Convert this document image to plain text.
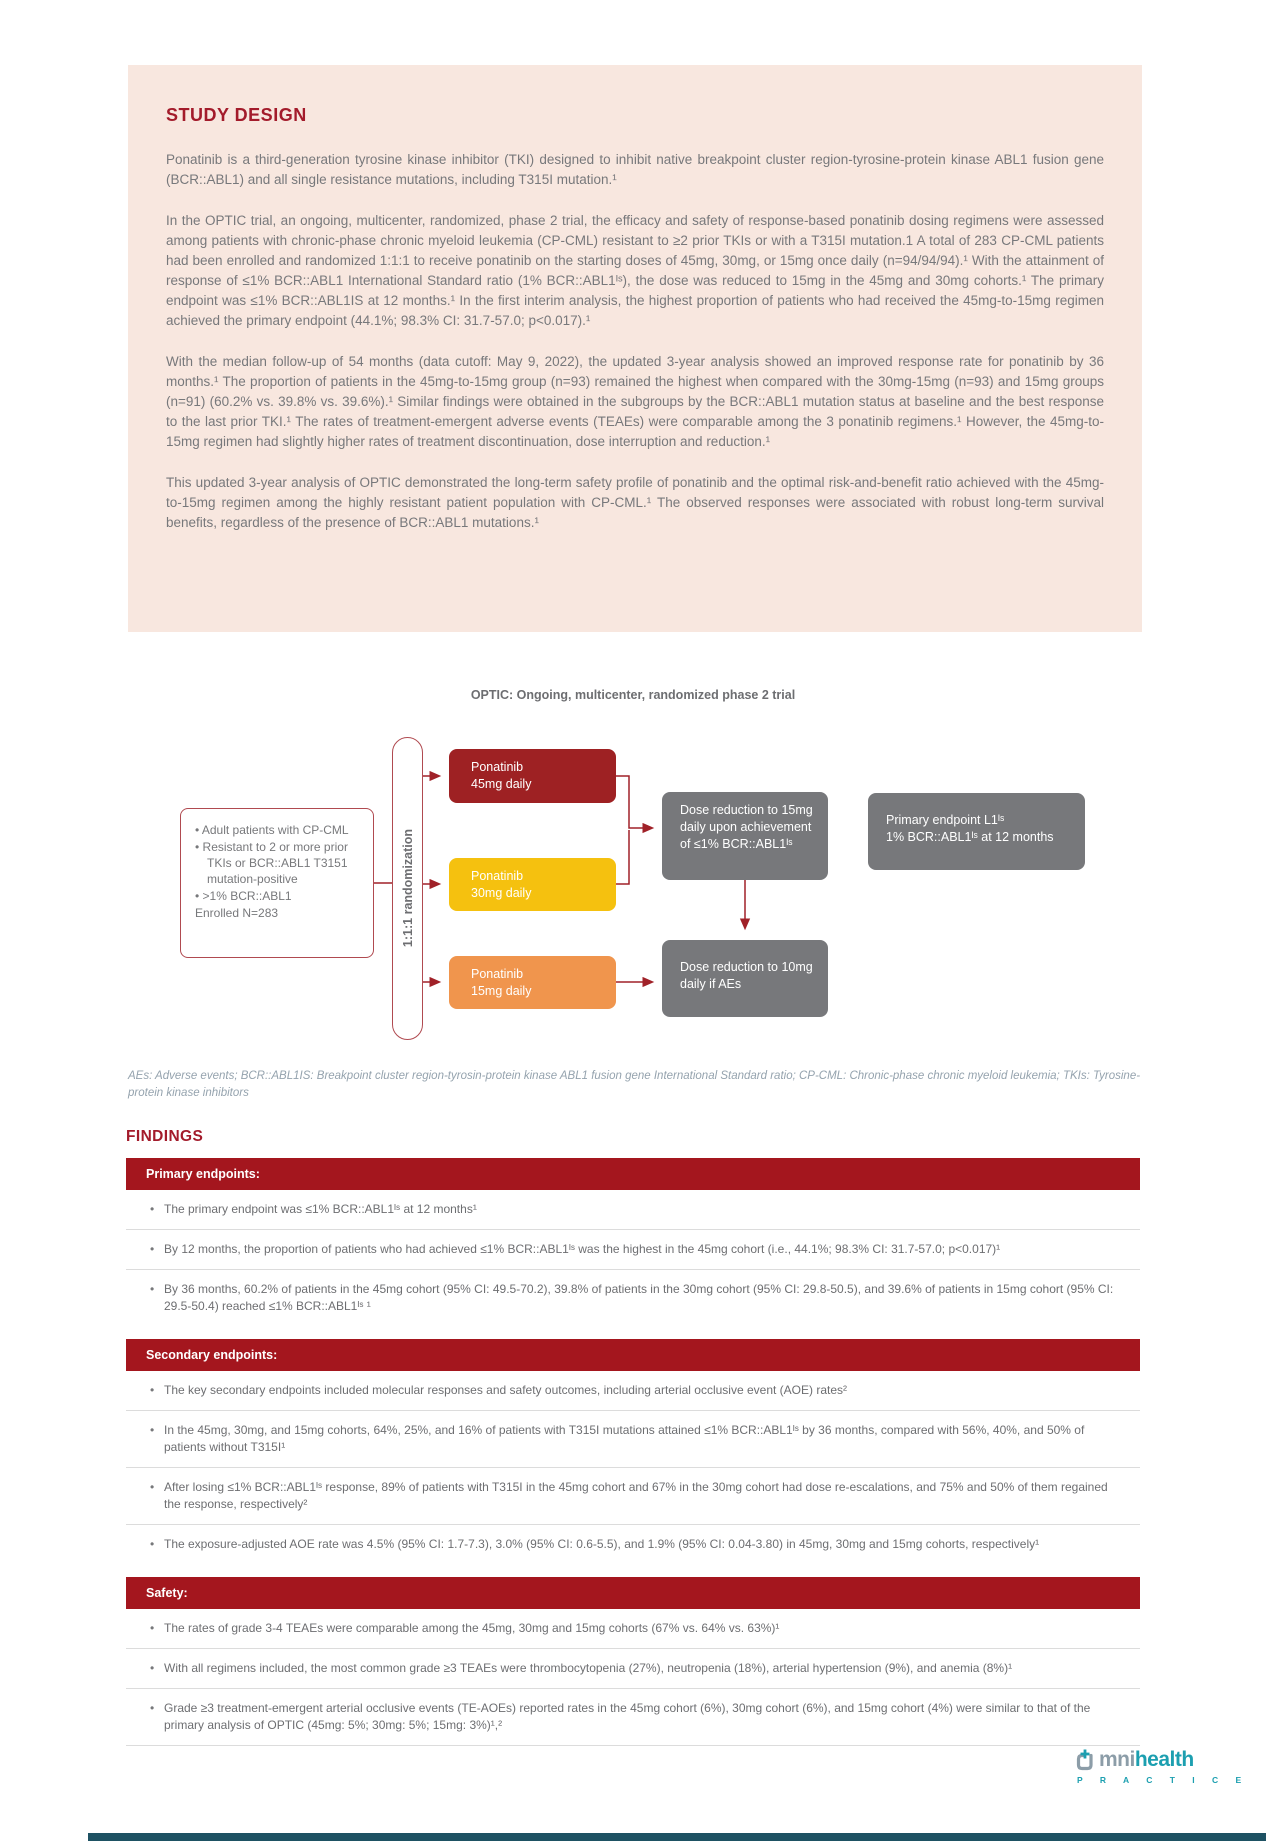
STUDY DESIGN

Ponatinib is a third-generation tyrosine kinase inhibitor (TKI) designed to inhibit native breakpoint cluster region-tyrosine-protein kinase ABL1 fusion gene (BCR::ABL1) and all single resistance mutations, including T315I mutation.¹

In the OPTIC trial, an ongoing, multicenter, randomized, phase 2 trial, the efficacy and safety of response-based ponatinib dosing regimens were assessed among patients with chronic-phase chronic myeloid leukemia (CP-CML) resistant to ≥2 prior TKIs or with a T315I mutation.1 A total of 283 CP-CML patients had been enrolled and randomized 1:1:1 to receive ponatinib on the starting doses of 45mg, 30mg, or 15mg once daily (n=94/94/94).¹ With the attainment of response of ≤1% BCR::ABL1 International Standard ratio (1% BCR::ABL1ᴵˢ), the dose was reduced to 15mg in the 45mg and 30mg cohorts.¹ The primary endpoint was ≤1% BCR::ABL1IS at 12 months.¹ In the first interim analysis, the highest proportion of patients who had received the 45mg-to-15mg regimen achieved the primary endpoint (44.1%; 98.3% CI: 31.7-57.0; p<0.017).¹

With the median follow-up of 54 months (data cutoff: May 9, 2022), the updated 3-year analysis showed an improved response rate for ponatinib by 36 months.¹ The proportion of patients in the 45mg-to-15mg group (n=93) remained the highest when compared with the 30mg-15mg (n=93) and 15mg groups (n=91) (60.2% vs. 39.8% vs. 39.6%).¹ Similar findings were obtained in the subgroups by the BCR::ABL1 mutation status at baseline and the best response to the last prior TKI.¹ The rates of treatment-emergent adverse events (TEAEs) were comparable among the 3 ponatinib regimens.¹ However, the 45mg-to-15mg regimen had slightly higher rates of treatment discontinuation, dose interruption and reduction.¹

This updated 3-year analysis of OPTIC demonstrated the long-term safety profile of ponatinib and the optimal risk-and-benefit ratio achieved with the 45mg-to-15mg regimen among the highly resistant patient population with CP-CML.¹ The observed responses were associated with robust long-term survival benefits, regardless of the presence of BCR::ABL1 mutations.¹

OPTIC: Ongoing, multicenter, randomized phase 2 trial
• Adult patients with CP-CML
• Resistant to 2 or more prior TKIs or BCR::ABL1 T3151 mutation-positive
• >1% BCR::ABL1
Enrolled N=283	1:1:1 randomization
Ponatinib
45mg daily
Ponatinib
30mg daily
Ponatinib
15mg daily
Dose reduction to 15mg daily upon achievement of ≤1% BCR::ABL1ᴵˢ
Dose reduction to 10mg daily if AEs
Primary endpoint L1ᴵˢ
1% BCR::ABL1ᴵˢ at 12 months

AEs: Adverse events; BCR::ABL1IS: Breakpoint cluster region-tyrosin-protein kinase ABL1 fusion gene International Standard ratio; CP-CML: Chronic-phase chronic myeloid leukemia; TKIs: Tyrosine-protein kinase inhibitors

FINDINGS
Primary endpoints:
•
The primary endpoint was ≤1% BCR::ABL1ᴵˢ at 12 months¹
•
By 12 months, the proportion of patients who had achieved ≤1% BCR::ABL1ᴵˢ was the highest in the 45mg cohort (i.e., 44.1%; 98.3% CI: 31.7-57.0; p<0.017)¹
•
By 36 months, 60.2% of patients in the 45mg cohort (95% CI: 49.5-70.2), 39.8% of patients in the 30mg cohort (95% CI: 29.8-50.5), and 39.6% of patients in 15mg cohort (95% CI: 29.5-50.4) reached ≤1% BCR::ABL1ᴵˢ ¹
Secondary endpoints:
•
The key secondary endpoints included molecular responses and safety outcomes, including arterial occlusive event (AOE) rates²
•
In the 45mg, 30mg, and 15mg cohorts, 64%, 25%, and 16% of patients with T315I mutations attained ≤1% BCR::ABL1ᴵˢ by 36 months, compared with 56%, 40%, and 50% of patients without T315I¹
•
After losing ≤1% BCR::ABL1ᴵˢ response, 89% of patients with T315I in the 45mg cohort and 67% in the 30mg cohort had dose re-escalations, and 75% and 50% of them regained the response, respectively²
•
The exposure-adjusted AOE rate was 4.5% (95% CI: 1.7-7.3), 3.0% (95% CI: 0.6-5.5), and 1.9% (95% CI: 0.04-3.80) in 45mg, 30mg and 15mg cohorts, respectively¹
Safety:
•
The rates of grade 3-4 TEAEs were comparable among the 45mg, 30mg and 15mg cohorts (67% vs. 64% vs. 63%)¹
•
With all regimens included, the most common grade ≥3 TEAEs were thrombocytopenia (27%), neutropenia (18%), arterial hypertension (9%), and anemia (8%)¹
•
Grade ≥3 treatment-emergent arterial occlusive events (TE-AOEs) reported rates in the 45mg cohort (6%), 30mg cohort (6%), and 15mg cohort (4%) were similar to that of the primary analysis of OPTIC (45mg: 5%; 30mg: 5%; 15mg: 3%)¹,²
mni health
P R A C T I C E
